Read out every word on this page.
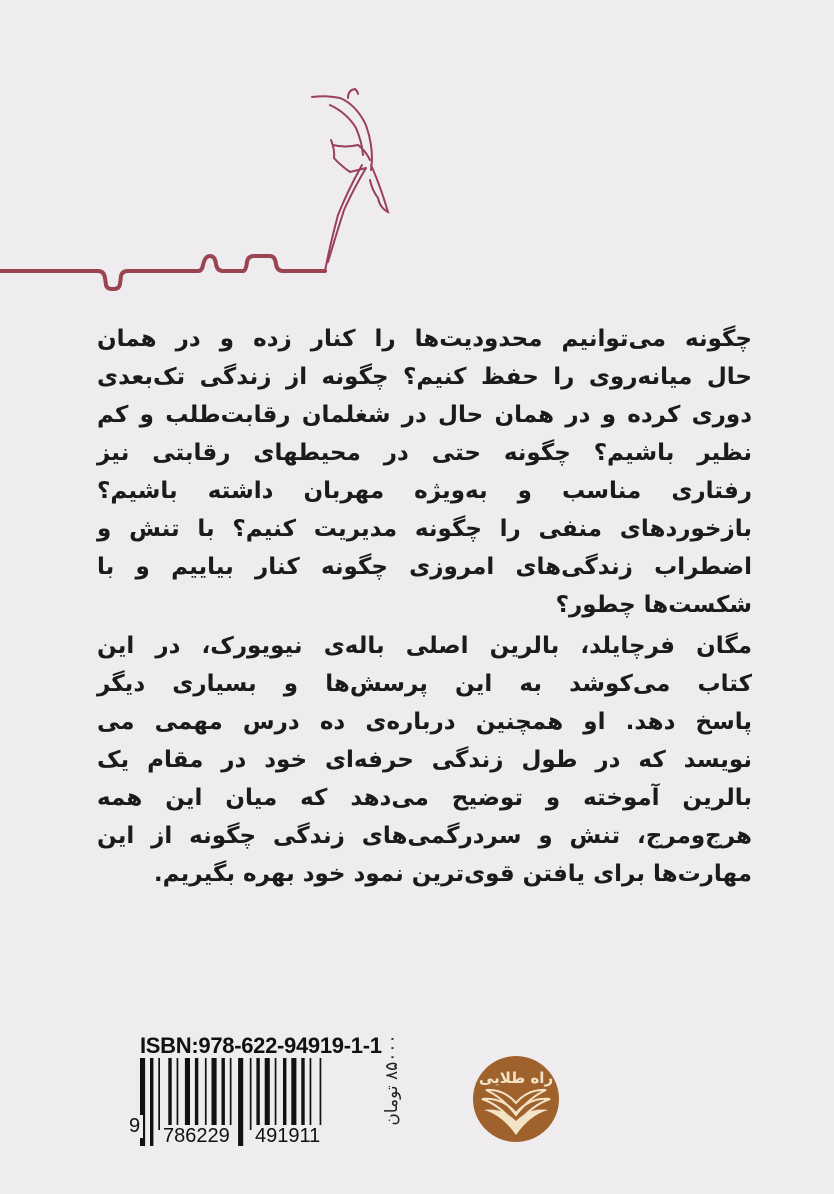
چگونه می‌توانیم محدودیت‌ها را کنار زده و در همان
حال میانه‌روی را حفظ کنیم؟ چگونه از زندگی تک‌بعدی
دوری کرده و در همان حال در شغلمان رقابت‌طلب و کم
نظیر باشیم؟ چگونه حتی در محیطهای رقابتی نیز
رفتاری مناسب و به‌ویژه مهربان داشته باشیم؟
بازخوردهای منفی را چگونه مدیریت کنیم؟ با تنش و
اضطراب زندگی‌های امروزی چگونه کنار بیاییم و با
شکست‌ها چطور؟
مگان فرچایلد، بالرین اصلی باله‌ی نیویورک، در این
کتاب می‌کوشد به این پرسش‌ها و بسیاری دیگر
پاسخ دهد. او همچنین درباره‌ی ده درس مهمی می
نویسد که در طول زندگی حرفه‌ای خود در مقام یک
بالرین آموخته و توضیح می‌دهد که میان این همه
هرج‌ومرج، تنش و سردرگمی‌های زندگی چگونه از این
مهارت‌ها برای یافتن قوی‌ترین نمود خود بهره بگیریم.
ISBN:978-622-94919-1-1
9 786229 491911
۸۵۰۰۰ تومان	راه طلایی
